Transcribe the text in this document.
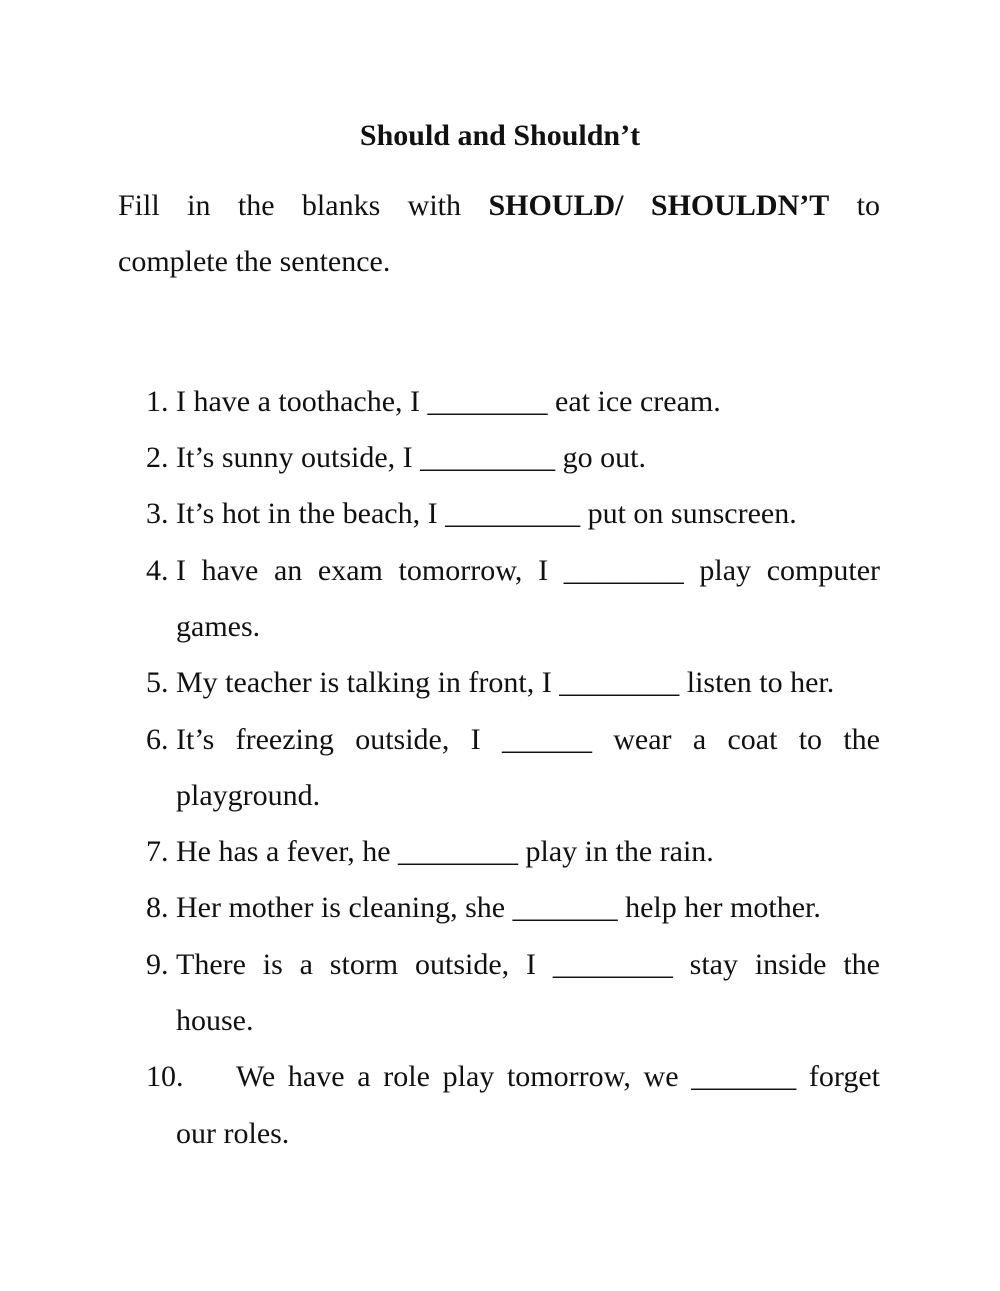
Should and Shouldn’t
Fill in the blanks with SHOULD/ SHOULDN’T to
complete the sentence.
1. I have a toothache, I ________ eat ice cream.
2. It’s sunny outside, I _________ go out.
3. It’s hot in the beach, I _________ put on sunscreen.
4. I have an exam tomorrow, I ________ play computer
games.
5. My teacher is talking in front, I ________ listen to her.
6. It’s freezing outside, I ______ wear a coat to the
playground.
7. He has a fever, he ________ play in the rain.
8. Her mother is cleaning, she _______ help her mother.
9. There is a storm outside, I ________ stay inside the
house.
10. We have a role play tomorrow, we _______ forget
our roles.
